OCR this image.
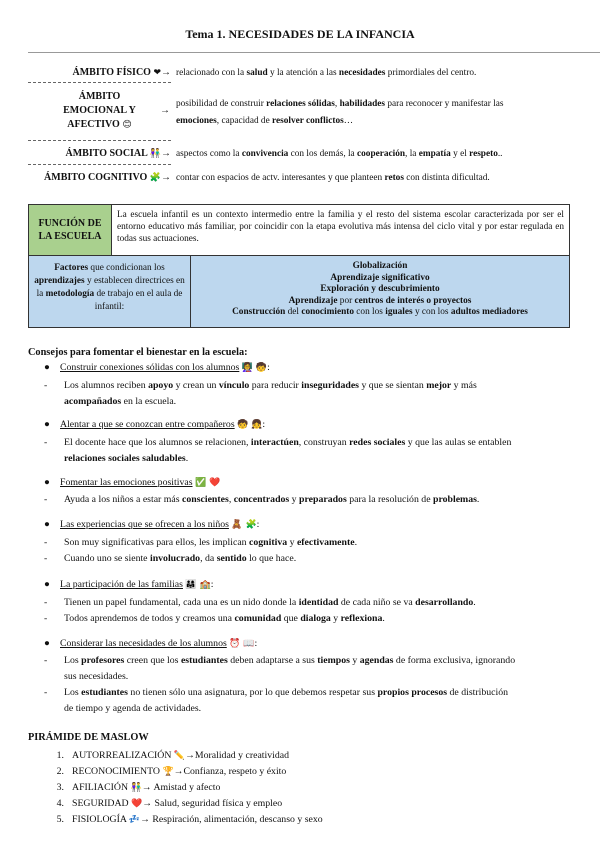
Tema 1. NECESIDADES DE LA INFANCIA
ÁMBITO FÍSICO ❤→ relacionado con la salud y la atención a las necesidades primordiales del centro.
ÁMBITO
EMOCIONAL Y
AFECTIVO 😊
→
posibilidad de construir relaciones sólidas, habilidades para reconocer y manifestar las
emociones, capacidad de resolver conflictos…
ÁMBITO SOCIAL 👫→ aspectos como la convivencia con los demás, la cooperación, la empatía y el respeto..
ÁMBITO COGNITIVO 🧩→ contar con espacios de actv. interesantes y que planteen retos con distinta dificultad.
FUNCIÓN DE
LA ESCUELA
La escuela infantil es un contexto intermedio entre la familia y el resto del sistema escolar caracterizada por ser el entorno educativo más familiar, por coincidir con la etapa evolutiva más intensa del ciclo vital y por estar regulada en todas sus actuaciones.
Factores que condicionan los aprendizajes y establecen directrices en la metodología de trabajo en el aula de infantil:
Globalización
Aprendizaje significativo
Exploración y descubrimiento
Aprendizaje por centros de interés o proyectos
Construcción del conocimiento con los iguales y con los adultos mediadores
Consejos para fomentar el bienestar en la escuela:
● Construir conexiones sólidas con los alumnos 👩‍🏫 🧒:
- Los alumnos reciben apoyo y crean un vínculo para reducir inseguridades y que se sientan mejor y más
acompañados en la escuela.
● Alentar a que se conozcan entre compañeros 🧒 👧:
- El docente hace que los alumnos se relacionen, interactúen, construyan redes sociales y que las aulas se entablen
relaciones sociales saludables.
● Fomentar las emociones positivas ✅ ❤️
- Ayuda a los niños a estar más conscientes, concentrados y preparados para la resolución de problemas.
● Las experiencias que se ofrecen a los niños 🧸 🧩:
- Son muy significativas para ellos, les implican cognitiva y efectivamente.
- Cuando uno se siente involucrado, da sentido lo que hace.
● La participación de las familias 👨‍👩‍👧 🏫:
- Tienen un papel fundamental, cada una es un nido donde la identidad de cada niño se va desarrollando.
- Todos aprendemos de todos y creamos una comunidad que dialoga y reflexiona.
● Considerar las necesidades de los alumnos ⏰ 📖:
- Los profesores creen que los estudiantes deben adaptarse a sus tiempos y agendas de forma exclusiva, ignorando
sus necesidades.
- Los estudiantes no tienen sólo una asignatura, por lo que debemos respetar sus propios procesos de distribución
de tiempo y agenda de actividades.
PIRÁMIDE DE MASLOW
1. AUTORREALIZACIÓN ✏️→Moralidad y creatividad
2. RECONOCIMIENTO 🏆→Confianza, respeto y éxito
3. AFILIACIÓN 👫→ Amistad y afecto
4. SEGURIDAD ❤️→ Salud, seguridad física y empleo
5. FISIOLOGÍA 💤→ Respiración, alimentación, descanso y sexo
